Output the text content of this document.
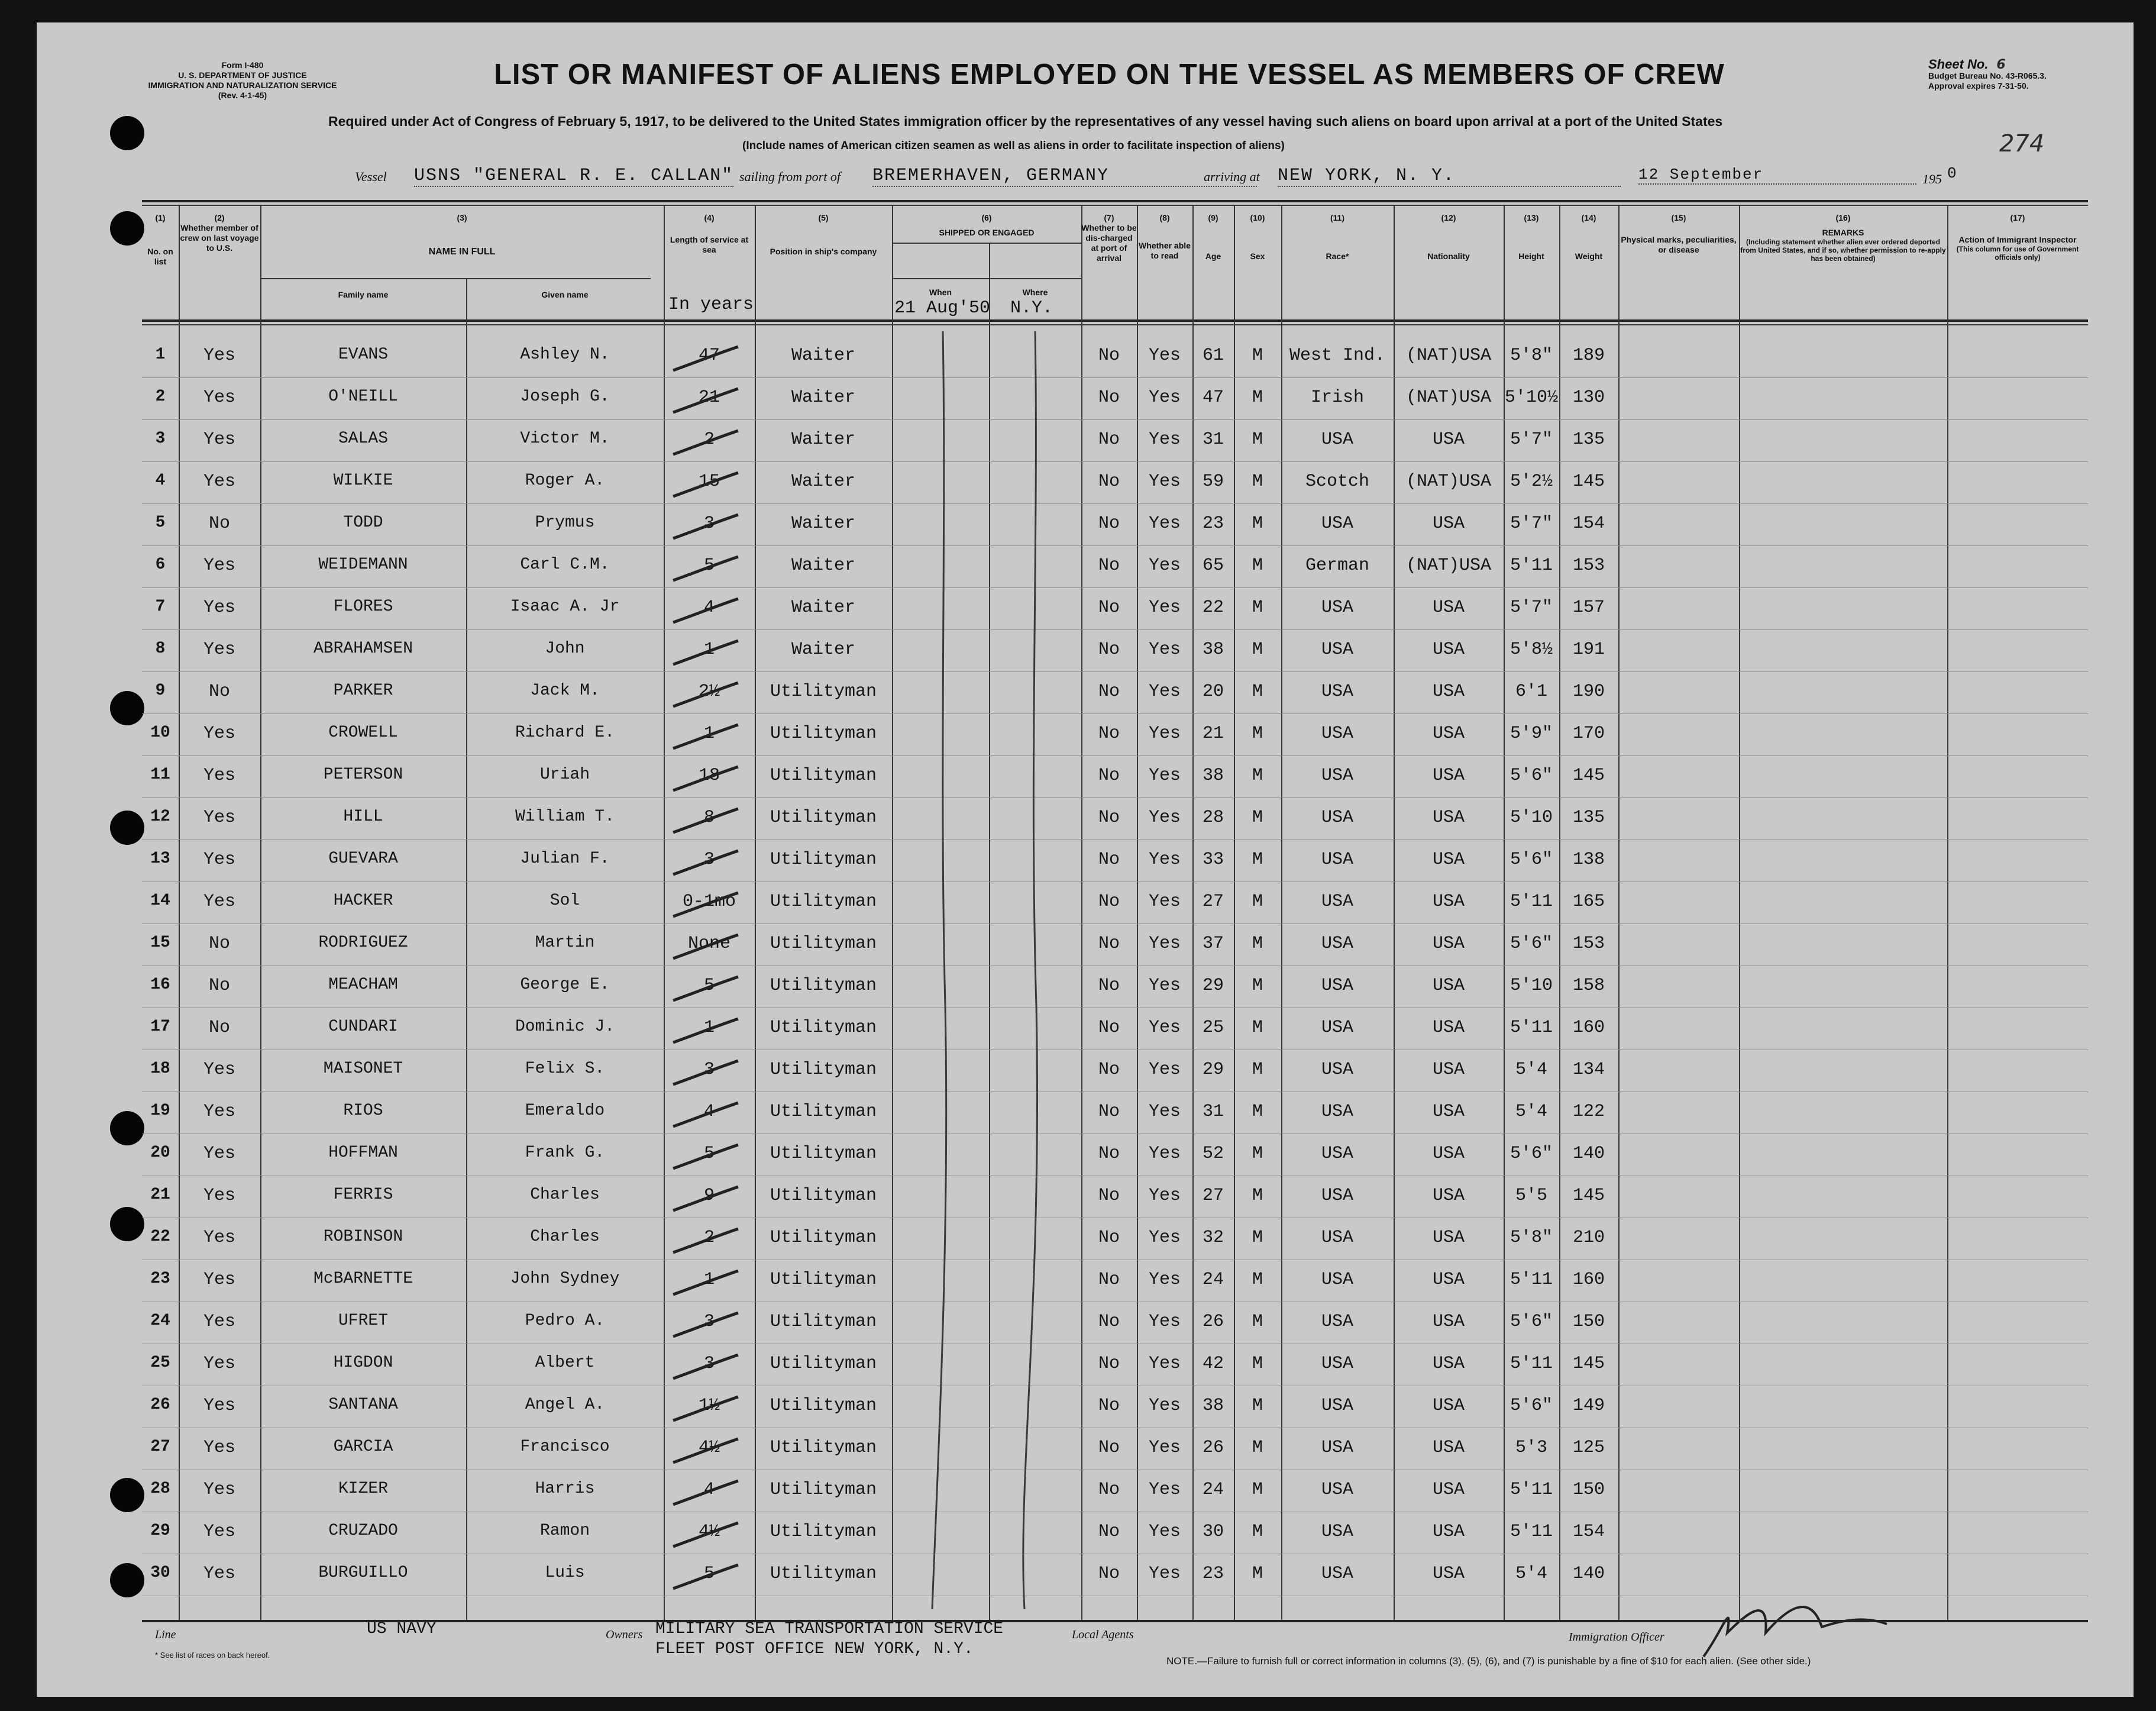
Form I-480
U. S. DEPARTMENT OF JUSTICE
IMMIGRATION AND NATURALIZATION SERVICE
(Rev. 4-1-45)
LIST OR MANIFEST OF ALIENS EMPLOYED ON THE VESSEL AS MEMBERS OF CREW	Sheet No. 6
Budget Bureau No. 43-R065.3.
Approval expires 7-31-50.
274
Required under Act of Congress of February 5, 1917, to be delivered to the United States immigration officer by the representatives of any vessel having such aliens on board upon arrival at a port of the United States
(Include names of American citizen seamen as well as aliens in order to facilitate inspection of aliens)
Vessel USNS "GENERAL R. E. CALLAN" sailing from port of BREMERHAVEN, GERMANY	arriving at NEW YORK, N. Y.	12 September	195 0
(2)
Whether member of crew on last voyage to U.S.
(1)
No. on list
(3)
NAME IN FULL
Family name	Given name
(4)
Length of service at sea
In years
(5)
Position in ship's company
(6)
SHIPPED OR ENGAGED
When	Where
21 Aug'50 N.Y.
(7)
Whether to be dis-charged at port of arrival
(8)
Whether able to read
(9)
Age
(10)
Sex
(11)
Race*
(12)
Nationality
(13)
Height
(14)
Weight
(15)
Physical marks, peculiarities, or disease
(16)
REMARKS
(Including statement whether alien ever ordered deported from United States, and if so, whether permission to re-apply has been obtained)
(17)
Action of Immigrant Inspector
(This column for use of Government officials only)
1	Yes	EVANS	Ashley N.	47	Waiter	No	Yes	61	M	West Ind.	(NAT)USA	5'8"	189
2	Yes	O'NEILL	Joseph G.	21	Waiter	No	Yes	47	M	Irish	(NAT)USA 5'10½ 130
3	Yes	SALAS	Victor M.	2	Waiter	No	Yes	31	M	USA	USA	5'7"	135
4	Yes	WILKIE	Roger A.	15	Waiter	No	Yes	59	M	Scotch	(NAT)USA	5'2½	145
5	No	TODD	Prymus	3	Waiter	No	Yes	23	M	USA	USA	5'7"	154
6	Yes	WEIDEMANN	Carl C.M.	5	Waiter	No	Yes	65	M	German	(NAT)USA	5'11	153
7	Yes	FLORES	Isaac A. Jr	4	Waiter	No	Yes	22	M	USA	USA	5'7"	157
8	Yes	ABRAHAMSEN	John	1	Waiter	No	Yes	38	M	USA	USA	5'8½	191
9	No	PARKER	Jack M.	2½	Utilityman	No	Yes	20	M	USA	USA	6'1	190
10	Yes	CROWELL	Richard E.	1	Utilityman	No	Yes	21	M	USA	USA	5'9"	170
11	Yes	PETERSON	Uriah	18	Utilityman	No	Yes	38	M	USA	USA	5'6"	145
12	Yes	HILL	William T.	8	Utilityman	No	Yes	28	M	USA	USA	5'10	135
13	Yes	GUEVARA	Julian F.	3	Utilityman	No	Yes	33	M	USA	USA	5'6"	138
14	Yes	HACKER	Sol	0-1mo	Utilityman	No	Yes	27	M	USA	USA	5'11	165
15	No	RODRIGUEZ	Martin	None	Utilityman	No	Yes	37	M	USA	USA	5'6"	153
16	No	MEACHAM	George E.	5	Utilityman	No	Yes	29	M	USA	USA	5'10	158
17	No	CUNDARI	Dominic J.	1	Utilityman	No	Yes	25	M	USA	USA	5'11	160
18	Yes	MAISONET	Felix S.	3	Utilityman	No	Yes	29	M	USA	USA	5'4	134
19	Yes	RIOS	Emeraldo	4	Utilityman	No	Yes	31	M	USA	USA	5'4	122
20	Yes	HOFFMAN	Frank G.	5	Utilityman	No	Yes	52	M	USA	USA	5'6"	140
21	Yes	FERRIS	Charles	9	Utilityman	No	Yes	27	M	USA	USA	5'5	145
22	Yes	ROBINSON	Charles	2	Utilityman	No	Yes	32	M	USA	USA	5'8"	210
23	Yes	McBARNETTE	John Sydney	1	Utilityman	No	Yes	24	M	USA	USA	5'11	160
24	Yes	UFRET	Pedro A.	3	Utilityman	No	Yes	26	M	USA	USA	5'6"	150
25	Yes	HIGDON	Albert	3	Utilityman	No	Yes	42	M	USA	USA	5'11	145
26	Yes	SANTANA	Angel A.	1½	Utilityman	No	Yes	38	M	USA	USA	5'6"	149
27	Yes	GARCIA	Francisco	4½	Utilityman	No	Yes	26	M	USA	USA	5'3	125
28	Yes	KIZER	Harris	4	Utilityman	No	Yes	24	M	USA	USA	5'11	150
29	Yes	CRUZADO	Ramon	4½	Utilityman	No	Yes	30	M	USA	USA	5'11	154
30	Yes	BURGUILLO	Luis	5	Utilityman	No	Yes	23	M	USA	USA	5'4	140
Line	US NAVY
* See list of races on back hereof.
Owners MILITARY SEA TRANSPORTATION SERVICE
FLEET POST OFFICE NEW YORK, N.Y.
Local Agents	Immigration Officer
NOTE.—Failure to furnish full or correct information in columns (3), (5), (6), and (7) is punishable by a fine of $10 for each alien. (See other side.)
